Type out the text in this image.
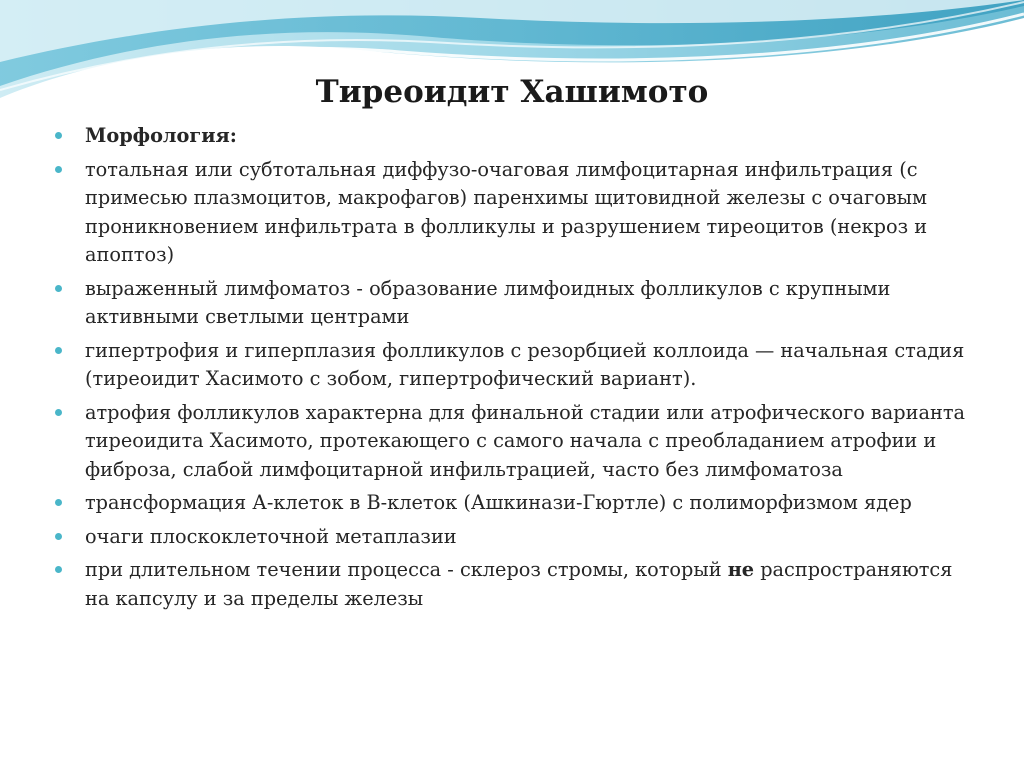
Тиреоидит Хашимото
Морфология:
тотальная или субтотальная диффузо-очаговая лимфоцитарная инфильтрация (с примесью плазмоцитов, макрофагов) паренхимы щитовидной железы с очаговым проникновением инфильтрата в фолликулы и разрушением тиреоцитов (некроз и апоптоз)
выраженный лимфоматоз - образование лимфоидных фолликулов с крупными активными светлыми центрами
гипертрофия и гиперплазия фолликулов с резорбцией коллоида — начальная стадия (тиреоидит Хасимото с зобом, гипертрофический вариант).
атрофия фолликулов характерна для финальной стадии или атрофического варианта тиреоидита Хасимото, протекающего с самого начала с преобладанием атрофии и фиброза, слабой лимфоцитарной инфильтрацией, часто без лимфоматоза
трансформация А-клеток в В-клеток (Ашкинази-Гюртле) с полиморфизмом ядер
очаги плоскоклеточной метаплазии
при длительном течении процесса - склероз стромы, который не распространяются на капсулу и за пределы железы
